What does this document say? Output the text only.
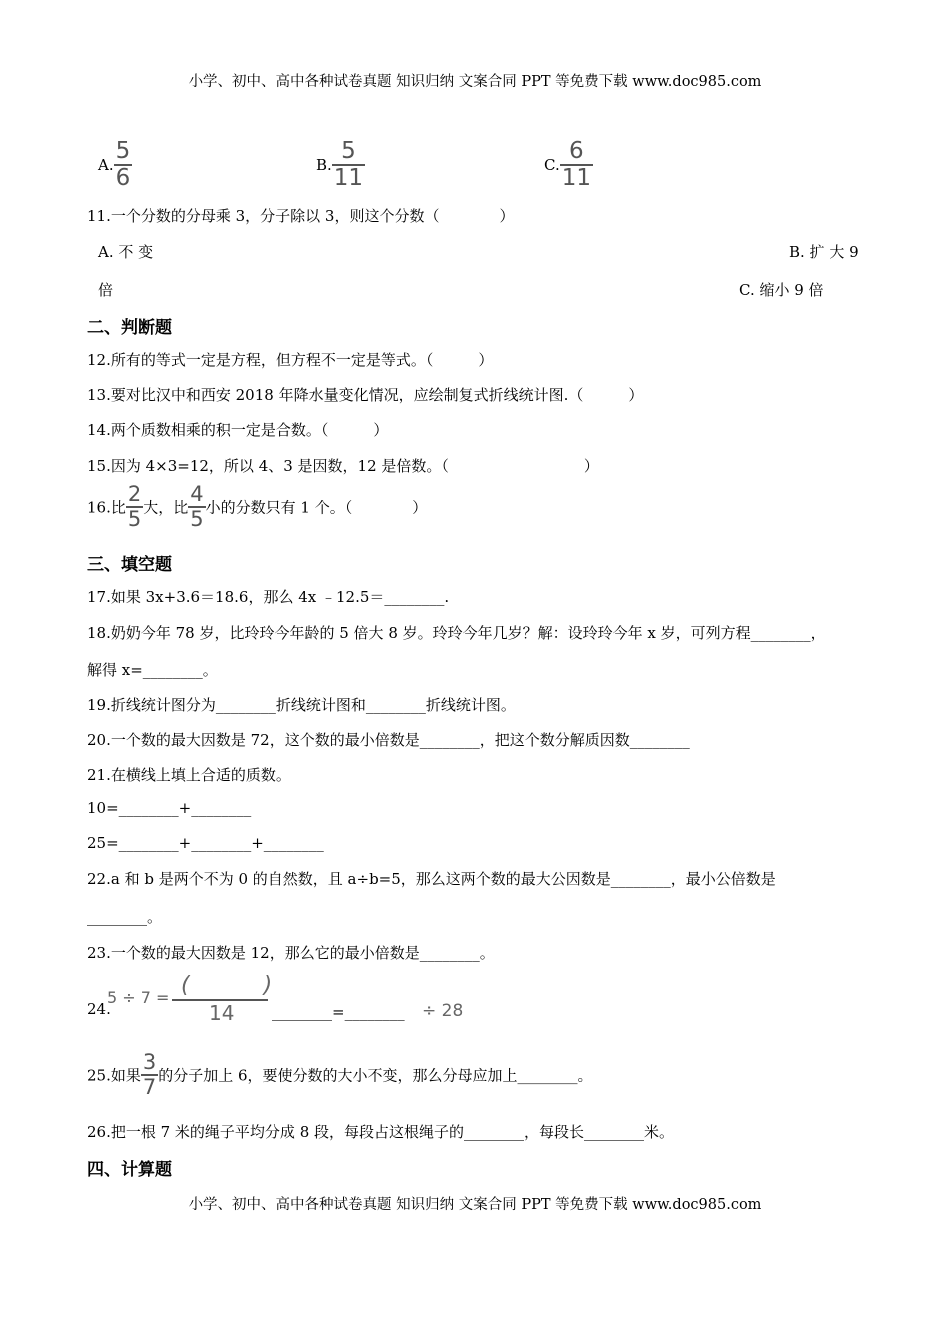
小学、初中、高中各种试卷真题 知识归纳 文案合同 PPT 等免费下载 www.doc985.com
A. $\frac{5}{6}$	B. $\frac{5}{11}$	C. $\frac{6}{11}$
11.一个分数的分母乘 3，分子除以 3，则这个分数（　　　　）
A. 不 变	B. 扩 大 9
倍	C. 缩小 9 倍
二、判断题
12.所有的等式一定是方程，但方程不一定是等式。（　　　）
13.要对比汉中和西安 2018 年降水量变化情况，应绘制复式折线统计图.（　　　）
14.两个质数相乘的积一定是合数。（　　　）
15.因为 4×3=12，所以 4、3 是因数，12 是倍数。（　　　　　　　　　）
16.比 $\frac{2}{5}$ 大，比 $\frac{4}{5}$ 小的分数只有 1 个。（　　　　）
三、填空题
17.如果 3x+3.6＝18.6，那么 4x ﹣12.5＝________.
18.奶奶今年 78 岁，比玲玲今年龄的 5 倍大 8 岁。玲玲今年几岁？解：设玲玲今年 x 岁，可列方程________，
解得 x=________。
19.折线统计图分为________折线统计图和________折线统计图。
20.一个数的最大因数是 72，这个数的最小倍数是________，把这个数分解质因数________
21.在横线上填上合适的质数。
10=________+________
25=________+________+________
22.a 和 b 是两个不为 0 的自然数，且 a÷b=5，那么这两个数的最大公因数是________，最小公倍数是
________。
23.一个数的最大因数是 12，那么它的最小倍数是________。
24.
5 ÷ 7 = (　　　)
14	________=________ ÷ 28
25.如果 $\frac{3}{7}$ 的分子加上 6，要使分数的大小不变，那么分母应加上________。
26.把一根 7 米的绳子平均分成 8 段，每段占这根绳子的________，每段长________米。
四、计算题
小学、初中、高中各种试卷真题 知识归纳 文案合同 PPT 等免费下载 www.doc985.com
